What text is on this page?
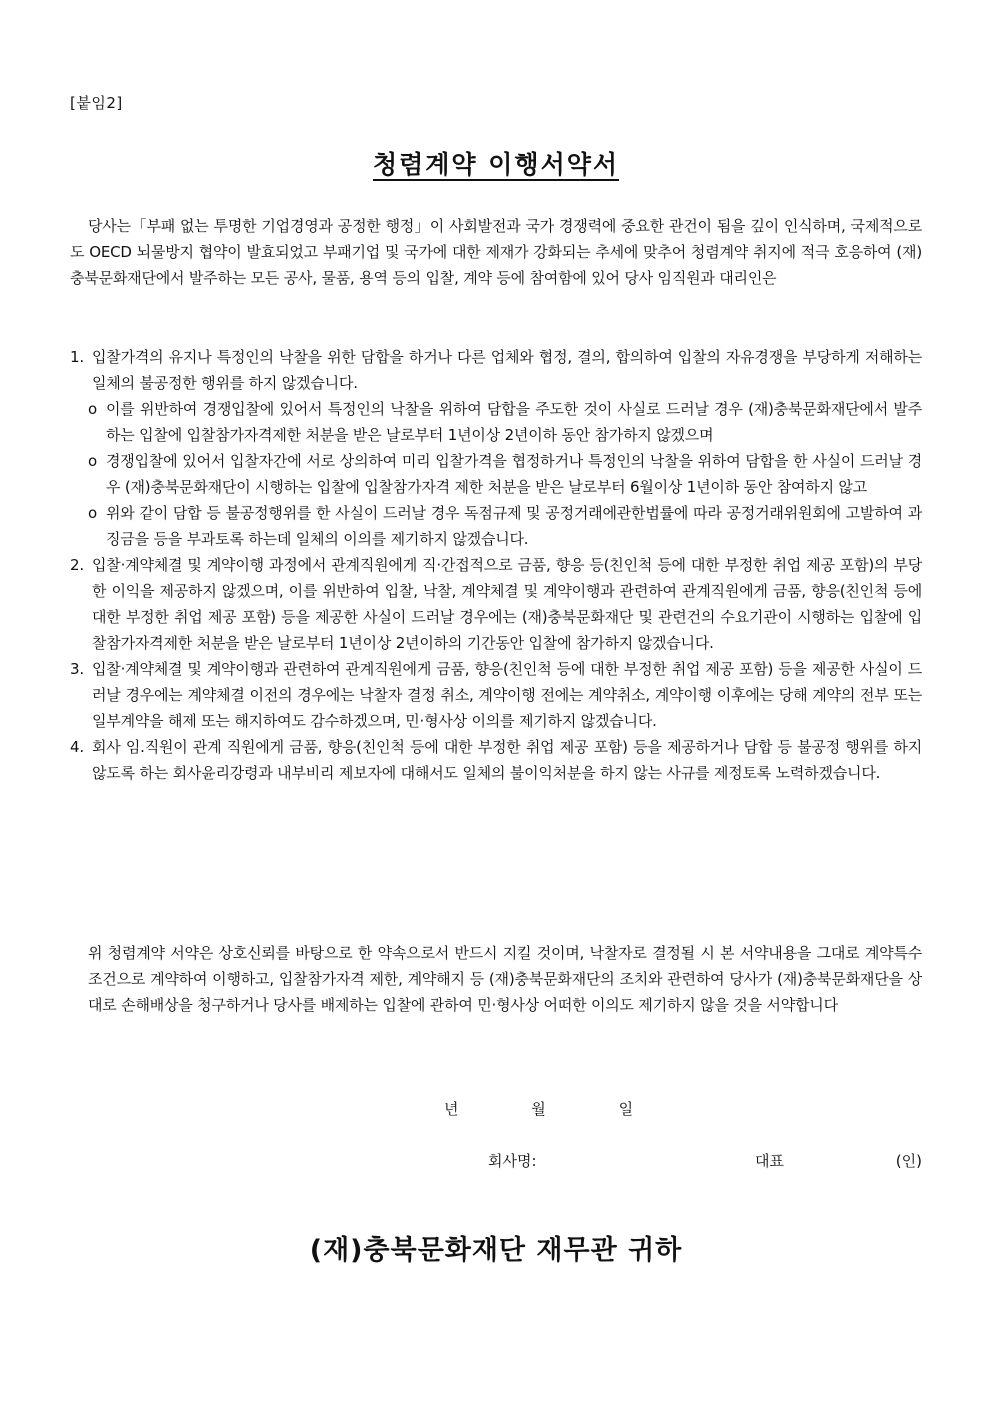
[붙임2]
청렴계약 이행서약서
당사는「부패 없는 투명한 기업경영과 공정한 행정」이 사회발전과 국가 경쟁력에 중요한 관건이 됨을 깊이 인식하며, 국제적으로도 OECD 뇌물방지 협약이 발효되었고 부패기업 및 국가에 대한 제재가 강화되는 추세에 맞추어 청렴계약 취지에 적극 호응하여 (재)충북문화재단에서 발주하는 모든 공사, 물품, 용역 등의 입찰, 계약 등에 참여함에 있어 당사 임직원과 대리인은
1. 입찰가격의 유지나 특정인의 낙찰을 위한 담합을 하거나 다른 업체와 협정, 결의, 합의하여 입찰의 자유경쟁을 부당하게 저해하는 일체의 불공정한 행위를 하지 않겠습니다.
o 이를 위반하여 경쟁입찰에 있어서 특정인의 낙찰을 위하여 담합을 주도한 것이 사실로 드러날 경우 (재)충북문화재단에서 발주하는 입찰에 입찰참가자격제한 처분을 받은 날로부터 1년이상 2년이하 동안 참가하지 않겠으며
o 경쟁입찰에 있어서 입찰자간에 서로 상의하여 미리 입찰가격을 협정하거나 특정인의 낙찰을 위하여 담합을 한 사실이 드러날 경우 (재)충북문화재단이 시행하는 입찰에 입찰참가자격 제한 처분을 받은 날로부터 6월이상 1년이하 동안 참여하지 않고
o 위와 같이 담합 등 불공정행위를 한 사실이 드러날 경우 독점규제 및 공정거래에관한법률에 따라 공정거래위원회에 고발하여 과징금을 등을 부과토록 하는데 일체의 이의를 제기하지 않겠습니다.
2. 입찰·계약체결 및 계약이행 과정에서 관계직원에게 직·간접적으로 금품, 향응 등(친인척 등에 대한 부정한 취업 제공 포함)의 부당한 이익을 제공하지 않겠으며, 이를 위반하여 입찰, 낙찰, 계약체결 및 계약이행과 관련하여 관계직원에게 금품, 향응(친인척 등에 대한 부정한 취업 제공 포함) 등을 제공한 사실이 드러날 경우에는 (재)충북문화재단 및 관련건의 수요기관이 시행하는 입찰에 입찰참가자격제한 처분을 받은 날로부터 1년이상 2년이하의 기간동안 입찰에 참가하지 않겠습니다.
3. 입찰·계약체결 및 계약이행과 관련하여 관계직원에게 금품, 향응(친인척 등에 대한 부정한 취업 제공 포함) 등을 제공한 사실이 드러날 경우에는 계약체결 이전의 경우에는 낙찰자 결정 취소, 계약이행 전에는 계약취소, 계약이행 이후에는 당해 계약의 전부 또는 일부계약을 해제 또는 해지하여도 감수하겠으며, 민·형사상 이의를 제기하지 않겠습니다.
4. 회사 임.직원이 관계 직원에게 금품, 향응(친인척 등에 대한 부정한 취업 제공 포함) 등을 제공하거나 담합 등 불공정 행위를 하지 않도록 하는 회사윤리강령과 내부비리 제보자에 대해서도 일체의 불이익처분을 하지 않는 사규를 제정토록 노력하겠습니다.
위 청렴계약 서약은 상호신뢰를 바탕으로 한 약속으로서 반드시 지킬 것이며, 낙찰자로 결정될 시 본 서약내용을 그대로 계약특수조건으로 계약하여 이행하고, 입찰참가자격 제한, 계약해지 등 (재)충북문화재단의 조치와 관련하여 당사가 (재)충북문화재단을 상대로 손해배상을 청구하거나 당사를 배제하는 입찰에 관하여 민·형사상 어떠한 이의도 제기하지 않을 것을 서약합니다
년	월	일
회사명:	대표	(인)
(재)충북문화재단 재무관 귀하
